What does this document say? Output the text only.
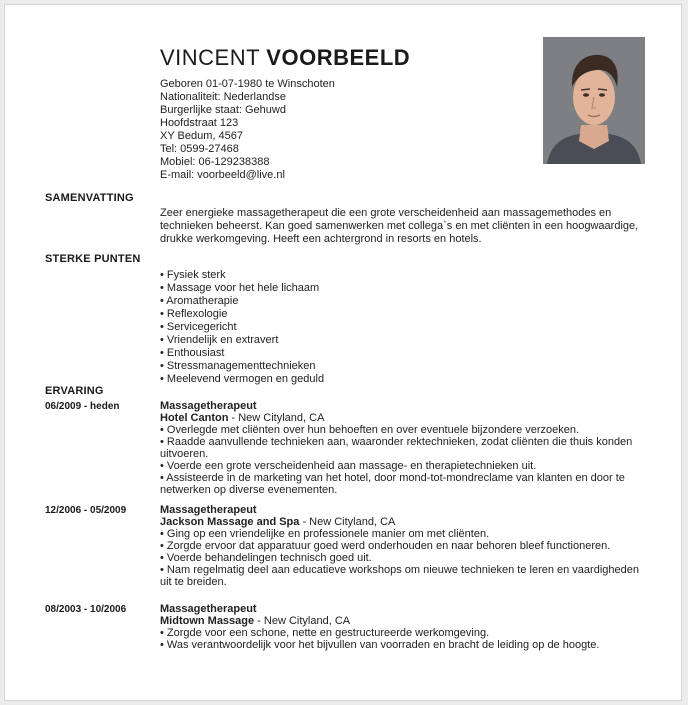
VINCENT VOORBEELD
Geboren 01-07-1980 te Winschoten
Nationaliteit: Nederlandse
Burgerlijke staat: Gehuwd
Hoofdstraat 123
XY Bedum, 4567
Tel: 0599-27468
Mobiel: 06-129238388
E-mail: voorbeeld@live.nl
SAMENVATTING
Zeer energieke massagetherapeut die een grote verscheidenheid aan massagemethodes en technieken beheerst. Kan goed samenwerken met collega`s en met cliënten in een hoogwaardige, drukke werkomgeving. Heeft een achtergrond in resorts en hotels.
STERKE PUNTEN
• Fysiek sterk
• Massage voor het hele lichaam
• Aromatherapie
• Reflexologie
• Servicegericht
• Vriendelijk en extravert
• Enthousiast
• Stressmanagementtechnieken
• Meelevend vermogen en geduld
ERVARING
06/2009 - heden	Massagetherapeut
Hotel Canton - New Cityland, CA
• Overlegde met cliënten over hun behoeften en over eventuele bijzondere verzoeken.
• Raadde aanvullende technieken aan, waaronder rektechnieken, zodat cliënten die thuis konden uitvoeren.
• Voerde een grote verscheidenheid aan massage- en therapietechnieken uit.
• Assisteerde in de marketing van het hotel, door mond-tot-mondreclame van klanten en door te netwerken op diverse evenementen.
12/2006 - 05/2009	Massagetherapeut
Jackson Massage and Spa - New Cityland, CA
• Ging op een vriendelijke en professionele manier om met cliënten.
• Zorgde ervoor dat apparatuur goed werd onderhouden en naar behoren bleef functioneren.
• Voerde behandelingen technisch goed uit.
• Nam regelmatig deel aan educatieve workshops om nieuwe technieken te leren en vaardigheden uit te breiden.
08/2003 - 10/2006	Massagetherapeut
Midtown Massage - New Cityland, CA
• Zorgde voor een schone, nette en gestructureerde werkomgeving.
• Was verantwoordelijk voor het bijvullen van voorraden en bracht de leiding op de hoogte.
